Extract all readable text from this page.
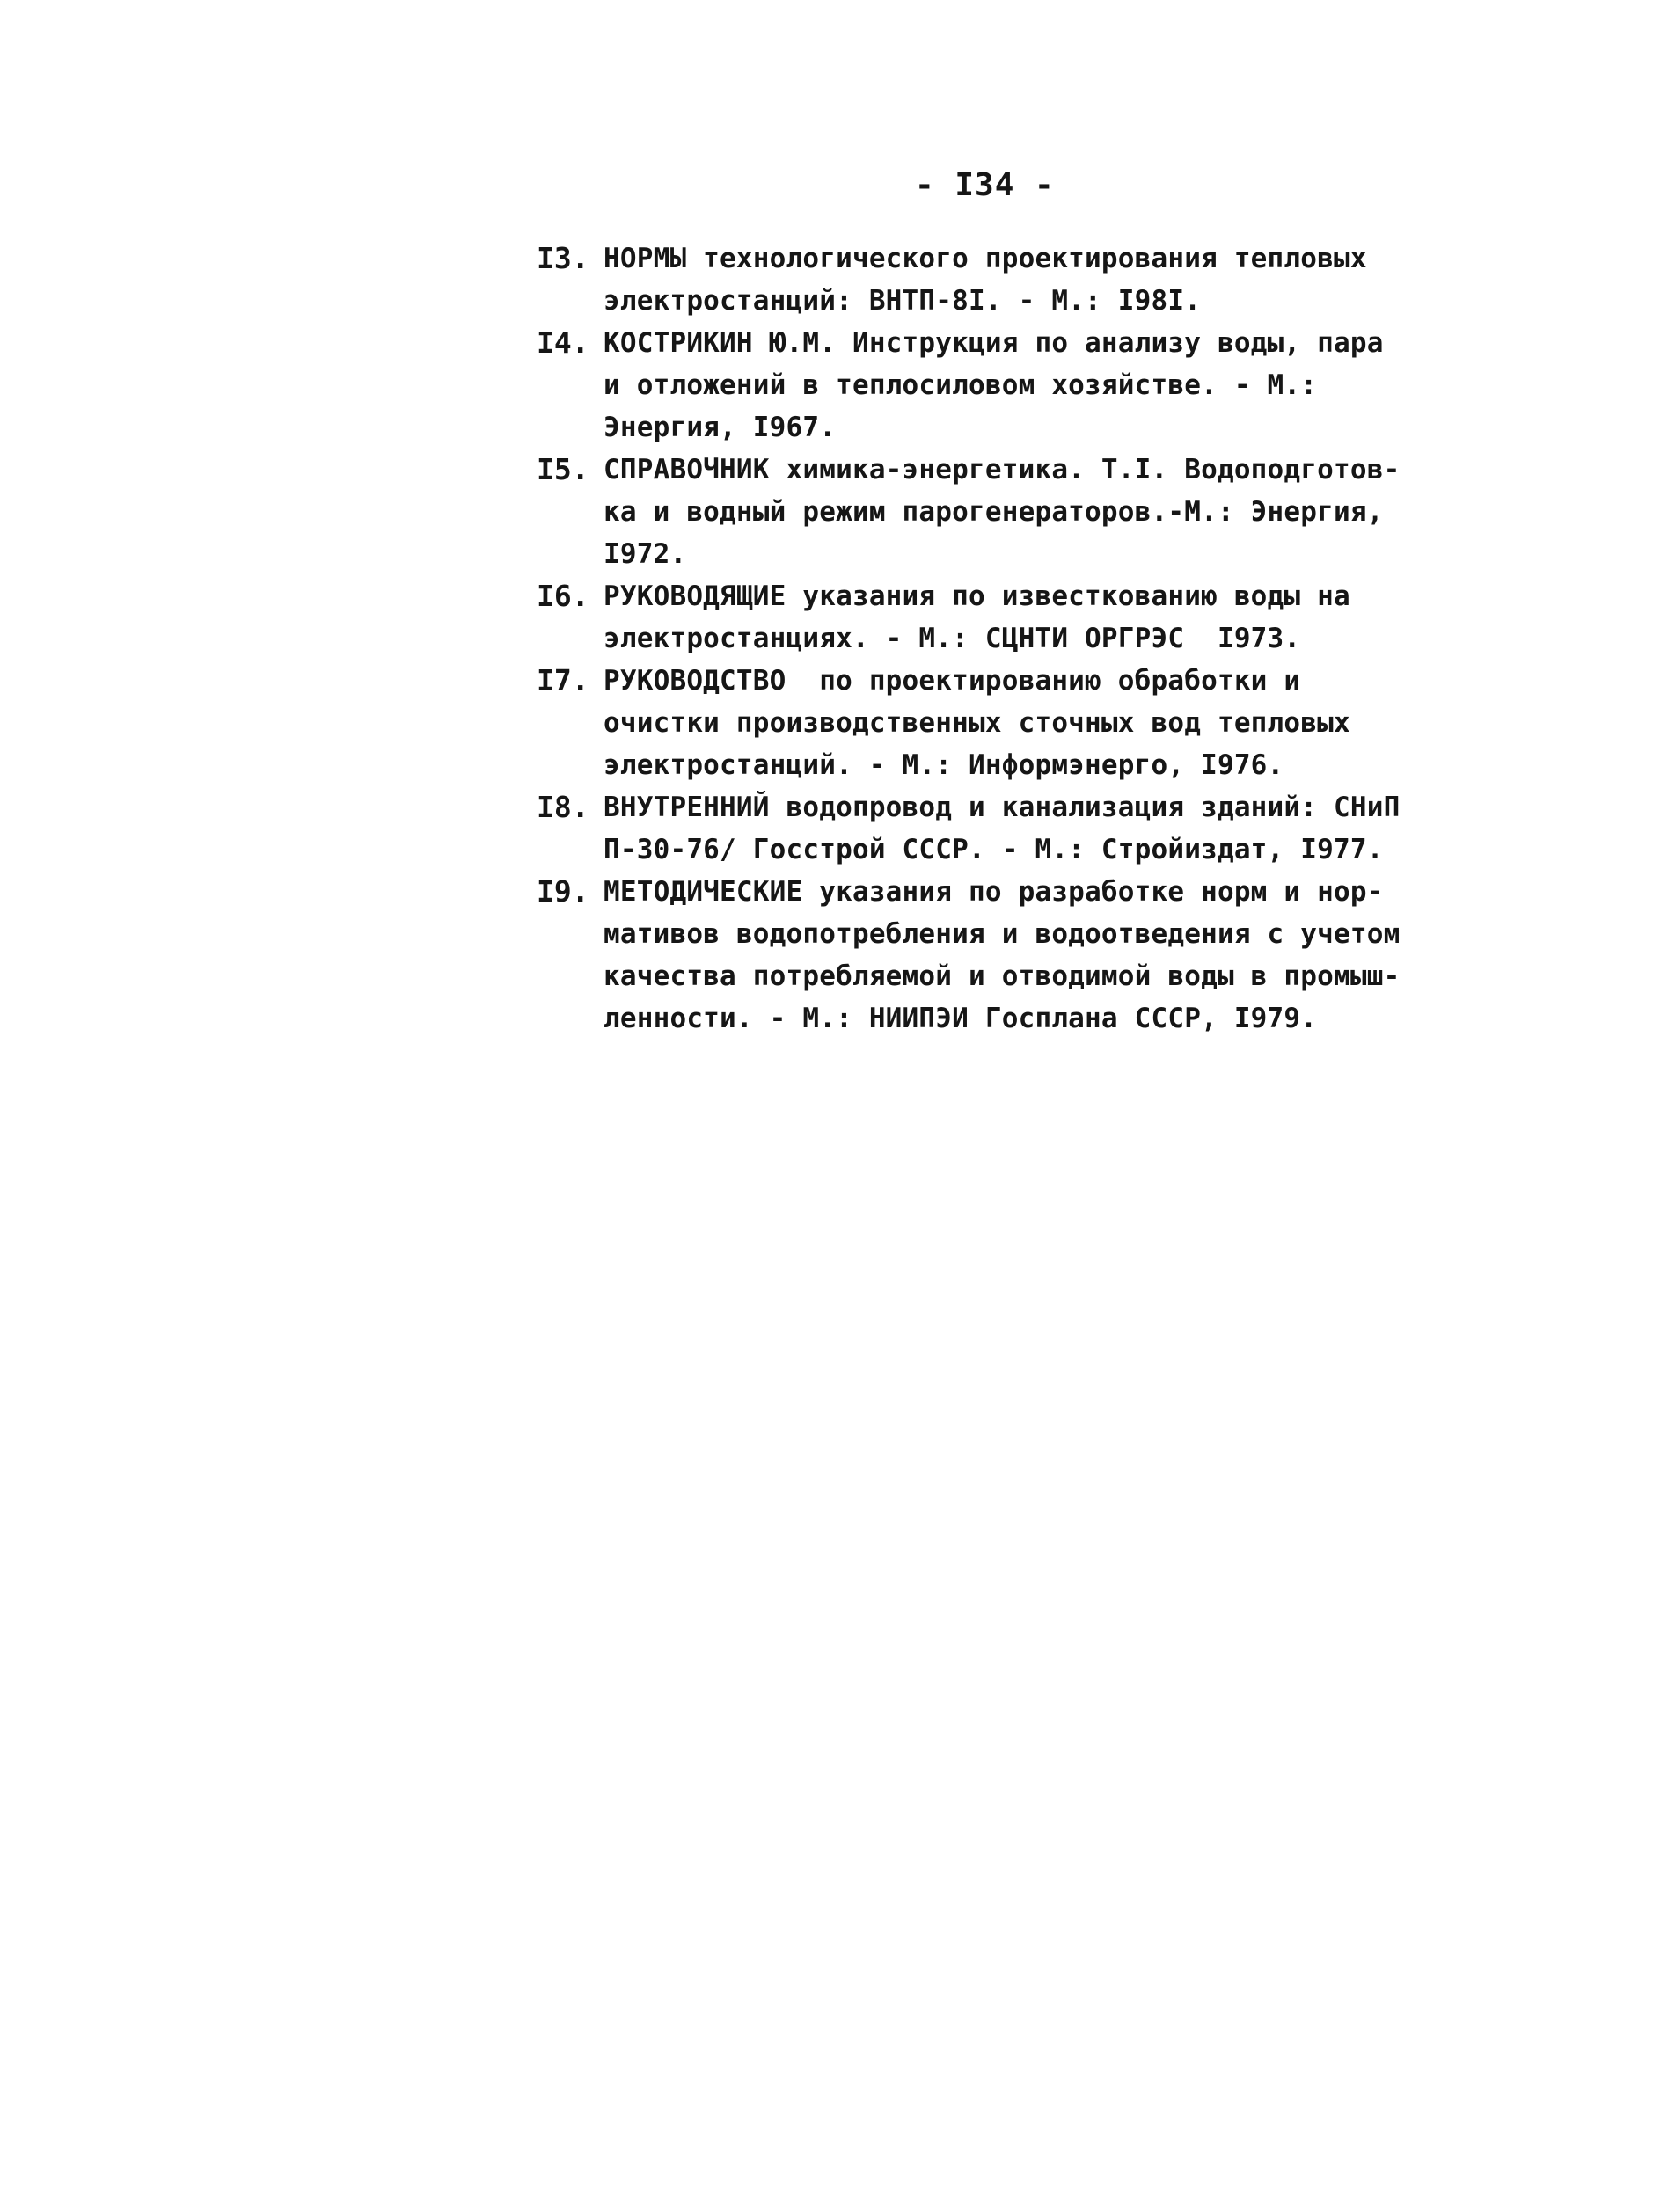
- I34 -
I3. НОРМЫ технологического проектирования тепловых
электростанций: ВНТП-8I. - М.: I98I.
I4. КОСТРИКИН Ю.М. Инструкция по анализу воды, пара
и отложений в теплосиловом хозяйстве. - М.:
Энергия, I967.
I5. СПРАВОЧНИК химика-энергетика. Т.I. Водоподготов-
ка и водный режим парогенераторов.-М.: Энергия,
I972.
I6. РУКОВОДЯЩИЕ указания по известкованию воды на
электростанциях. - М.: СЦНТИ ОРГРЭС  I973.
I7. РУКОВОДСТВО  по проектированию обработки и
очистки производственных сточных вод тепловых
электростанций. - М.: Информэнерго, I976.
I8. ВНУТРЕННИЙ водопровод и канализация зданий: СНиП
П-30-76/ Госстрой СССР. - М.: Стройиздат, I977.
I9. МЕТОДИЧЕСКИЕ указания по разработке норм и нор-
мативов водопотребления и водоотведения с учетом
качества потребляемой и отводимой воды в промыш-
ленности. - М.: НИИПЭИ Госплана СССР, I979.
